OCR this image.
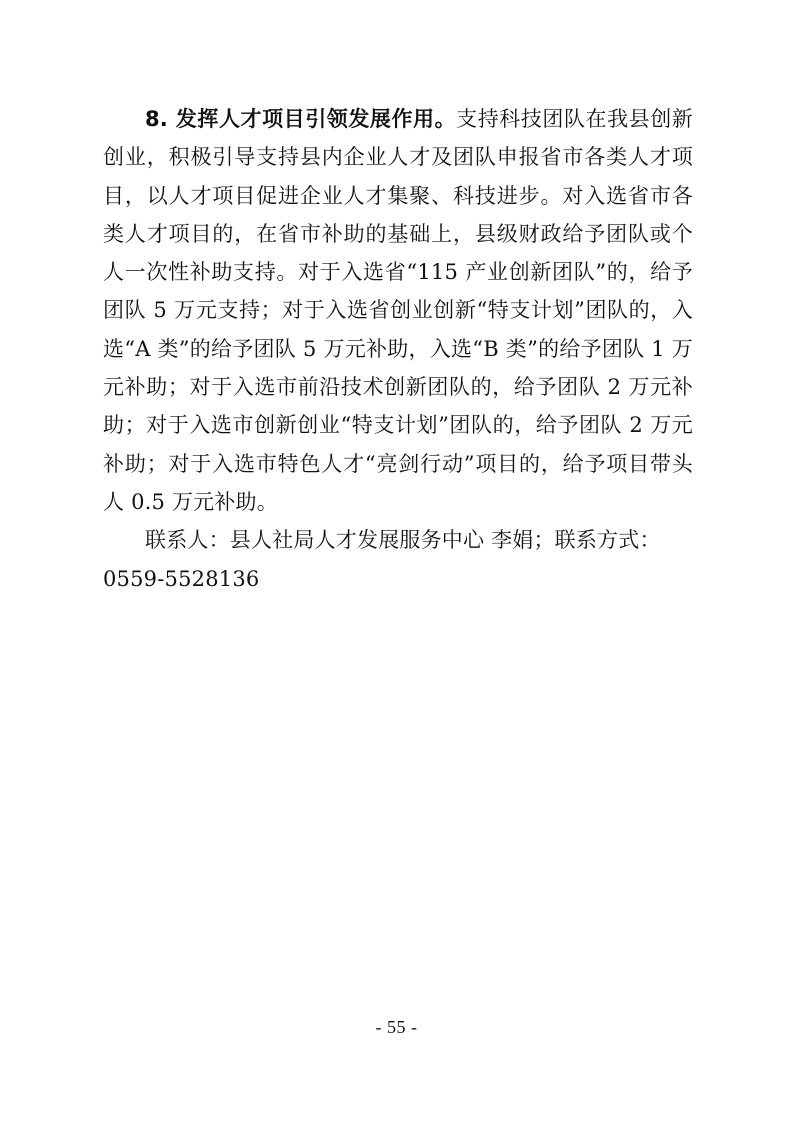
8. 发挥人才项目引领发展作用。支持科技团队在我县创新创业，积极引导支持县内企业人才及团队申报省市各类人才项目，以人才项目促进企业人才集聚、科技进步。对入选省市各类人才项目的，在省市补助的基础上，县级财政给予团队或个人一次性补助支持。对于入选省“115 产业创新团队”的，给予团队 5 万元支持；对于入选省创业创新“特支计划”团队的，入选“A 类”的给予团队 5 万元补助，入选“B 类”的给予团队 1 万元补助；对于入选市前沿技术创新团队的，给予团队 2 万元补助；对于入选市创新创业“特支计划”团队的，给予团队 2 万元补助；对于入选市特色人才“亮剑行动”项目的，给予项目带头人 0.5 万元补助。

联系人：县人社局人才发展服务中心 李娟；联系方式：
0559-5528136

- 55 -
